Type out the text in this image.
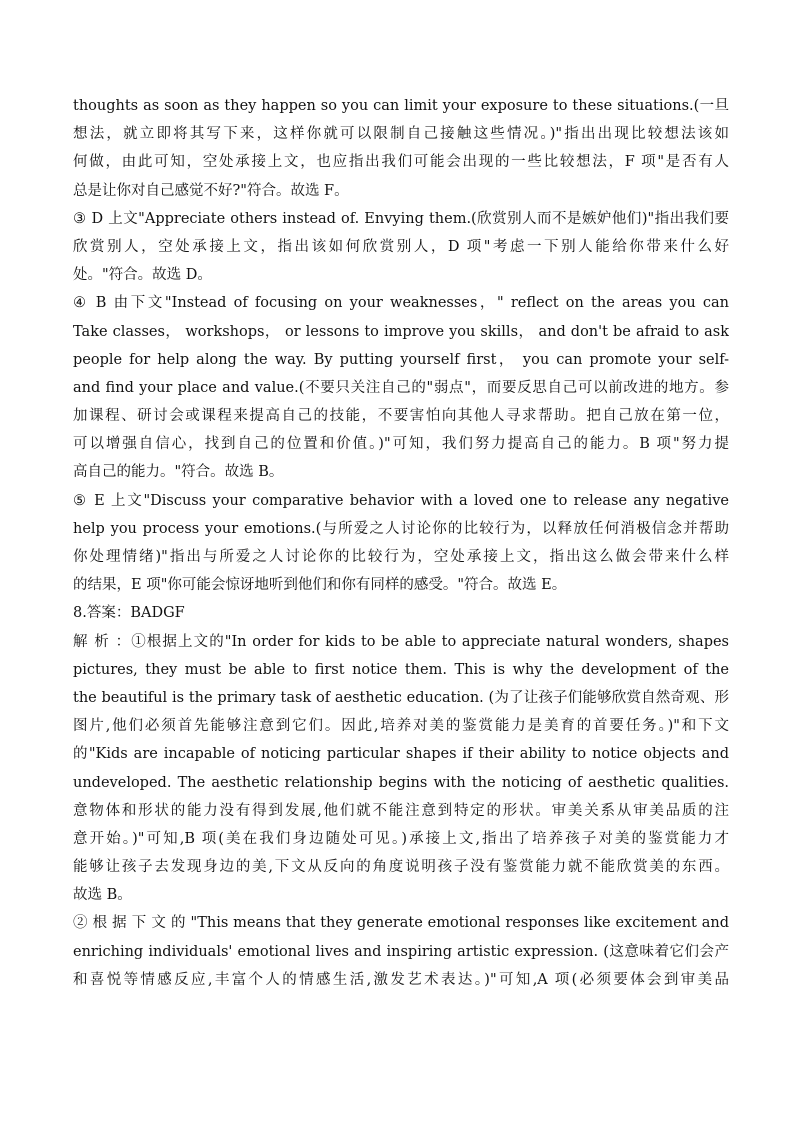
thoughts as soon as they happen so you can limit your exposure to these situations.(一旦
想法，就立即将其写下来，这样你就可以限制自己接触这些情况。)"指出出现比较想法该如
何做，由此可知，空处承接上文，也应指出我们可能会出现的一些比较想法，F 项"是否有人
总是让你对自己感觉不好?"符合。故选 F。
③ D 上文"Appreciate others instead of. Envying them.(欣赏别人而不是嫉妒他们)"指出我们要
欣赏别人，空处承接上文，指出该如何欣赏别人，D 项"考虑一下别人能给你带来什么好
处。"符合。故选 D。
④ B 由下文"Instead of focusing on your weaknesses，" reflect on the areas you can
Take classes， workshops， or lessons to improve you skills， and don't be afraid to ask
people for help along the way. By putting yourself first， you can promote your self-
and find your place and value.(不要只关注自己的"弱点"，而要反思自己可以前改进的地方。参
加课程、研讨会或课程来提高自己的技能，不要害怕向其他人寻求帮助。把自己放在第一位，
可以增强自信心，找到自己的位置和价值。)"可知，我们努力提高自己的能力。B 项"努力提
高自己的能力。"符合。故选 B。
⑤ E 上文"Discuss your comparative behavior with a loved one to release any negative
help you process your emotions.(与所爱之人讨论你的比较行为，以释放任何消极信念并帮助
你处理情绪)"指出与所爱之人讨论你的比较行为，空处承接上文，指出这么做会带来什么样
的结果，E 项"你可能会惊讶地听到他们和你有同样的感受。"符合。故选 E。
8.答案：BADGF
解 析 ：①根据上文的"In order for kids to be able to appreciate natural wonders, shapes
pictures, they must be able to first notice them. This is why the development of the
the beautiful is the primary task of aesthetic education. (为了让孩子们能够欣赏自然奇观、形
图片,他们必须首先能够注意到它们。因此,培养对美的鉴赏能力是美育的首要任务。)"和下文
的"Kids are incapable of noticing particular shapes if their ability to notice objects and
undeveloped. The aesthetic relationship begins with the noticing of aesthetic qualities.
意物体和形状的能力没有得到发展,他们就不能注意到特定的形状。审美关系从审美品质的注
意开始。)"可知,B 项(美在我们身边随处可见。)承接上文,指出了培养孩子对美的鉴赏能力才
能够让孩子去发现身边的美,下文从反向的角度说明孩子没有鉴赏能力就不能欣赏美的东西。
故选 B。
② 根 据 下 文 的 "This means that they generate emotional responses like excitement and
enriching individuals' emotional lives and inspiring artistic expression. (这意味着它们会产
和喜悦等情感反应,丰富个人的情感生活,激发艺术表达。)"可知,A 项(必须要体会到审美品
